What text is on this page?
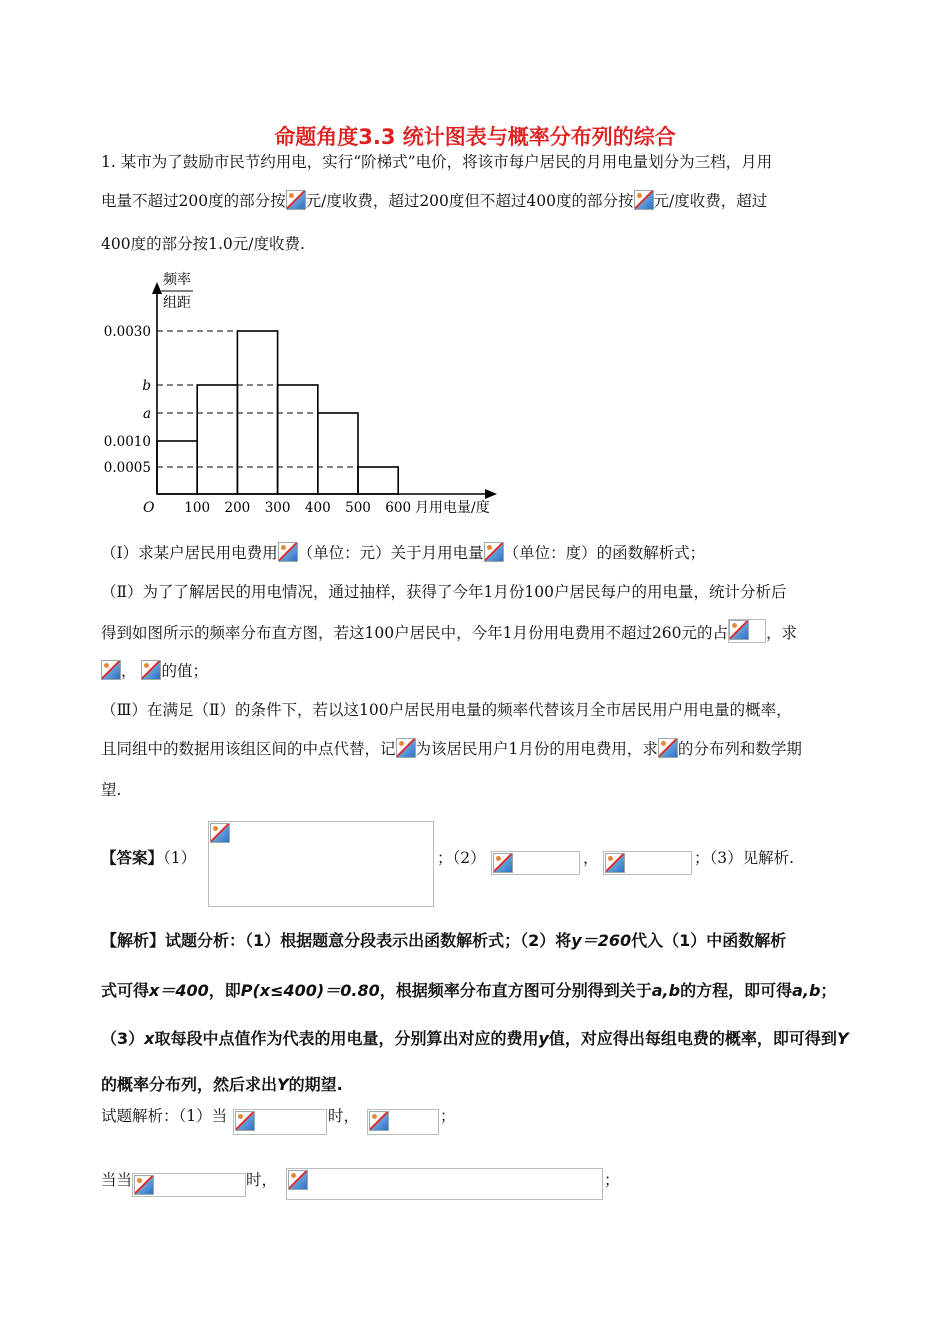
命题角度3.3 统计图表与概率分布列的综合
1. 某市为了鼓励市民节约用电，实行“阶梯式”电价，将该市每户居民的月用电量划分为三档，月用
电量不超过200度的部分按 元/度收费，超过200度但不超过400度的部分按 元/度收费，超过
400度的部分按1.0元/度收费.
频率
组距
O	月用电量/度
0.0030
b
a
0.0010
0.0005
100 200 300 400 500 600
（Ⅰ）求某户居民用电费用 （单位：元）关于月用电量 （单位：度）的函数解析式；
（Ⅱ）为了了解居民的用电情况，通过抽样，获得了今年1月份100户居民每户的用电量，统计分析后
得到如图所示的频率分布直方图，若这100户居民中，今年1月份用电费用不超过260元的占 ，求
， 的值；
（Ⅲ）在满足（Ⅱ）的条件下，若以这100户居民用电量的频率代替该月全市居民用户用电量的概率，
且同组中的数据用该组区间的中点代替，记 为该居民用户1月份的用电费用，求 的分布列和数学期
望.
【答案】（1）	；（2）	，	；（3）见解析.
【解析】试题分析：（1）根据题意分段表示出函数解析式；（2）将y＝260代入（1）中函数解析
式可得x＝400，即P(x≤400)＝0.80，根据频率分布直方图可分别得到关于a,b的方程，即可得a,b；
（3）x取每段中点值作为代表的用电量，分别算出对应的费用y值，对应得出每组电费的概率，即可得到Y
的概率分布列，然后求出Y的期望.
试题解析：（1）当	时，	；
当当	时，	；
